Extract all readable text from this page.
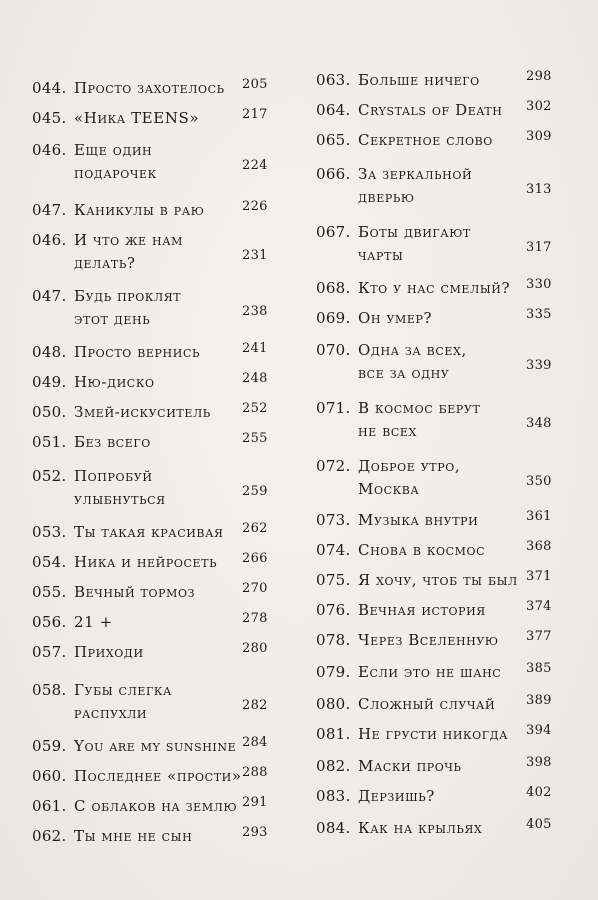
044. Просто захотелось 205
045. «Ника TEENS»	217
046. Еще один
подарочек	224
047. Каникулы в раю	226
046. И что же нам
делать?	231
047. Будь проклят
этот день	238
048. Просто вернись	241
049. Ню-диско	248
050. Змей-искуситель 252
051. Без всего	255
052. Попробуй
улыбнуться	259
053. Ты такая красивая 262
054. Ника и нейросеть 266
055. Вечный тормоз	270
056. 21 +	278
057. Приходи	280
058. Губы слегка
распухли	282
059. You are my sunshine 284
060. Последнее «прости» 288
061. С облаков на землю 291
062. Ты мне не сын	293
063. Больше ничего	298
064. Crystals of Death 302
065. Секретное слово	309
066. За зеркальной
дверью	313
067. Боты двигают
чарты	317
068. Кто у нас смелый? 330
069. Он умер?	335
070. Одна за всех,
все за одну	339
071. В космос берут
не всех	348
072. Доброе утро,
Москва	350
073. Музыка внутри	361
074. Снова в космос	368
075. Я хочу, чтоб ты был 371
076. Вечная история	374
078. Через Вселенную 377
079. Если это не шанс 385
080. Сложный случай 389
081. Не грусти никогда 394
082. Маски прочь	398
083. Дерзишь?	402
084. Как на крыльях	405
